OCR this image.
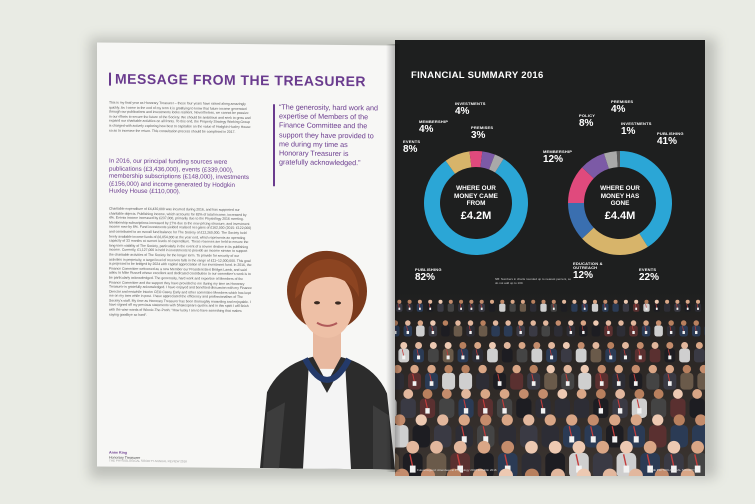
MESSAGE FROM THE TREASURER
This is my final year as Honorary Treasurer – these four years have raised along amazingly quickly. As I come to the end of my term it is gratifying to know that future income generated through our publications and investments looks resilient. Nevertheless, we cannot be passive in our efforts to secure the future of the Society. We should be ambitious and seek to grow and expand our charitable activities on all fronts. To this end, the Property Strategy Working Group is charged with actively exploring how best to capitalise on the value of Hodgkin Huxley House so as to increase the return. This consultation process should be completed in 2017.
In 2016, our principal funding sources were publications (£3,436,000), events (£339,000), membership subscriptions (£148,000), investments (£156,000) and income generated by Hodgkin Huxley House (£110,000).
Charitable expenditure of £4,430,000 was incurred during 2016, and has supported our charitable objects. Publishing income, which accounts for 82% of total income, increased by 4%. Events income increased by £237,000, primarily due to the Physiology 2016 meeting. Membership subscriptions increased by 27% due to the new pricing structure, and investment income rose by 8%. Fund investments yielded realised net gains of £162,000 (2015: £122,000) and contributed to an overall fund balance for The Society of £12,260,000. The Society held freely available income funds of £6,054,000 at the year end, which represents an operating capacity of 33 months at current levels of expenditure. These reserves are held to ensure the long-term viability of The Society, particularly in the event of a severe decline in its publishing income. Currently, £1,127,000 is held in investments to provide an income stream to support the charitable activities of The Society for the longer term. To provide for security of our activities in perpetuity, a target level of reserves falls in the range of £11–12,000,000. This goal is projected to be bridged by 2024 with capital appreciation of our investment fund. In 2016, the Finance Committee welcomed as a new Member our President Bert Bridget Lamb, and said adieu to Mike Russell whose excellent and dedicated contribution to our committee's work is to be particularly acknowledged. The generosity, hard work and expertise of Members of the Finance Committee and the support they have provided to me during my time as Honorary Treasurer is gratefully acknowledged. I have enjoyed and benefited discussion with my Finance Director and erstwhile Interim CEO Casey Early and other committee Members which has kept me on my toes while in post. I have appreciated the efficiency and professionalism of The Society's staff. My time as Honorary Treasurer has been thoroughly rewarding and enjoyable. I have signed off my previous statements with Shakespeare quotes and in this spirit I will finish with the wise words of Winnie-The-Pooh: "How lucky I am to have something that makes saying goodbye so hard".
“The generosity, hard work and expertise of Members of the Finance Committee and the support they have provided to me during my time as Honorary Treasurer is gratefully acknowledged.”
Anne King
Honorary Treasurer
THE PHYSIOLOGICAL SOCIETY ANNUAL REVIEW 2016
FINANCIAL SUMMARY 2016
WHERE OUR
MONEY CAME
FROM
£4.2M
EVENTS
8%
MEMBERSHIP
4%
INVESTMENTS
4%
PREMISES
3%
PUBLISHING
82%
WHERE OUR
MONEY HAS
GONE
£4.4M
MEMBERSHIP
12%
POLICY
8%
PREMISES
4%
INVESTMENTS
1%	PUBLISHING
41%
EDUCATION & OUTREACH
12%
EVENTS
22%
NB: Numbers in charts rounded up to nearest percent, so do not add up to 100.
Future-legend: Attendees at Physiology 2016 & Dublin 2016	THE PHYSIOLOGICAL SOCIETY
